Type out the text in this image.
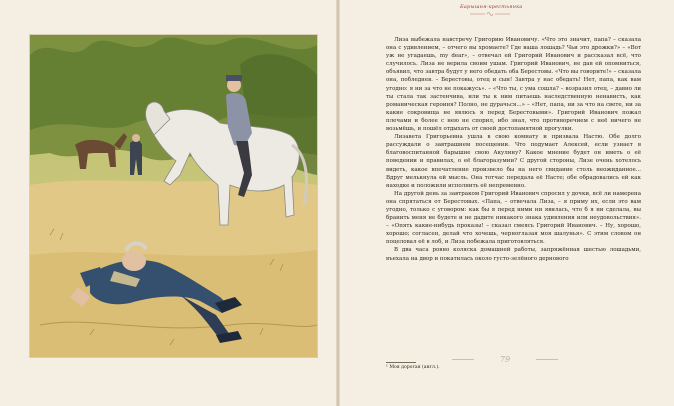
Барышня-крестьянка

Лиза выбежала навстречу Григорию Ивановичу. «Что это значит, папа? – сказала она с удивлением, – отчего вы хромаете? Где ваша лошадь? Чьи это дрожки?» – «Вот уж не угадаешь, my dear», – отвечал ей Григорий Иванович и рассказал всё, что случилось. Лиза не верила своим ушам. Григорий Иванович, не дав ей опомниться, объявил, что завтра будут у него обедать оба Берестовы. «Что вы говорите!» – сказала она, побледнев. – Берестовы, отец и сын! Завтра у нас обедать! Нет, папа, как вам угодно: я ни за что не покажусь». – «Что ты, с ума сошла? – возразил отец, – давно ли ты стала так застенчива, или ты к ним питаешь наследственную ненависть, как романическая героиня? Полно, не дурачься...» – «Нет, папа, ни за что на свете, ни за какие сокровища не явлюсь я перед Берестовыми». Григорий Иванович пожал плечами и более с нею не спорил, ибо знал, что противоречием с неё ничего не возьмёшь, и пошёл отдыхать от своей достопамятной прогулки.

Лизавета Григорьевна ушла в свою комнату и призвала Настю. Обе долго рассуждали о завтрашнем посещении. Что подумает Алексей, если узнает в благовоспитанной барышне свою Акулину? Какое мнение будет он иметь о её поведении и правилах, о её благоразумии? С другой стороны, Лизе очень хотелось видеть, какое впечатление произвело бы на него свидание столь неожиданное... Вдруг мелькнула ей мысль. Она тотчас передала её Насте; обе обрадовались ей как находке и положили исполнить её непременно.

На другой день за завтраком Григорий Иванович спросил у дочки, всё ли намерена она спрятаться от Берестовых. «Папа, – отвечала Лиза, – я приму их, если это вам угодно, только с уговором: как бы я перед ними ни явилась, что б я ни сделала, вы бранить меня не будете и не дадите никакого знака удивления или неудовольствия». – «Опять какие-нибудь проказы! – сказал смеясь Григорий Иванович. – Ну, хорошо, хорошо; согласен, делай что хочешь, черноглазая моя шалунья». С этим словом он поцеловал её в лоб, и Лиза побежала приготовляться.

В два часа ровно коляска домашней работы, запряжённая шестью лошадьми, въехала на двор и покатилась около густо-зелёного дернового

79
¹ Моя дорогая (англ.).
